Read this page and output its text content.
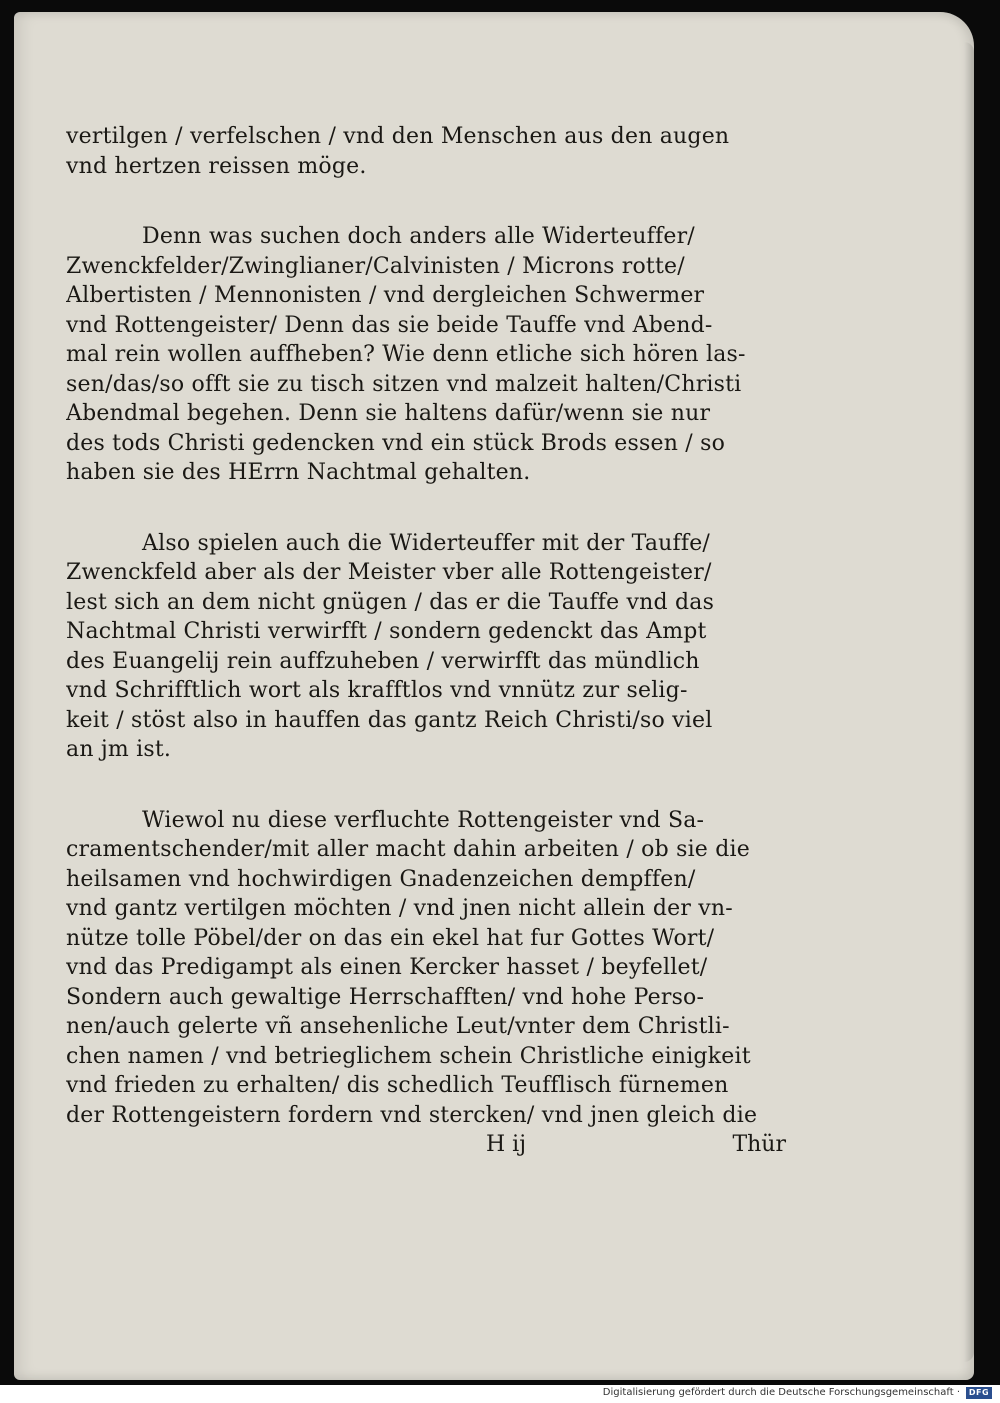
vertilgen / verfelschen / vnd den Menschen aus den augen
vnd hertzen reissen möge.
Denn was suchen doch anders alle Widerteuffer/
Zwenckfelder/Zwinglianer/Calvinisten / Microns rotte/
Albertisten / Mennonisten / vnd dergleichen Schwermer
vnd Rottengeister/ Denn das sie beide Tauffe vnd Abend-
mal rein wollen auffheben? Wie denn etliche sich hören las-
sen/das/so offt sie zu tisch sitzen vnd malzeit halten/Christi
Abendmal begehen. Denn sie haltens dafür/wenn sie nur
des tods Christi gedencken vnd ein stück Brods essen / so
haben sie des HErrn Nachtmal gehalten.
Also spielen auch die Widerteuffer mit der Tauffe/
Zwenckfeld aber als der Meister vber alle Rottengeister/
lest sich an dem nicht gnügen / das er die Tauffe vnd das
Nachtmal Christi verwirfft / sondern gedenckt das Ampt
des Euangelij rein auffzuheben / verwirfft das mündlich
vnd Schrifftlich wort als krafftlos vnd vnnütz zur selig-
keit / stöst also in hauffen das gantz Reich Christi/so viel
an jm ist.
Wiewol nu diese verfluchte Rottengeister vnd Sa-
cramentschender/mit aller macht dahin arbeiten / ob sie die
heilsamen vnd hochwirdigen Gnadenzeichen dempffen/
vnd gantz vertilgen möchten / vnd jnen nicht allein der vn-
nütze tolle Pöbel/der on das ein ekel hat fur Gottes Wort/
vnd das Predigampt als einen Kercker hasset / beyfellet/
Sondern auch gewaltige Herrschafften/ vnd hohe Perso-
nen/auch gelerte vñ ansehenliche Leut/vnter dem Christli-
chen namen / vnd betrieglichem schein Christliche einigkeit
vnd frieden zu erhalten/ dis schedlich Teufflisch fürnemen
der Rottengeistern fordern vnd stercken/ vnd jnen gleich die
H ij	Thür
Digitalisierung gefördert durch die Deutsche Forschungsgemeinschaft ·	DFG
